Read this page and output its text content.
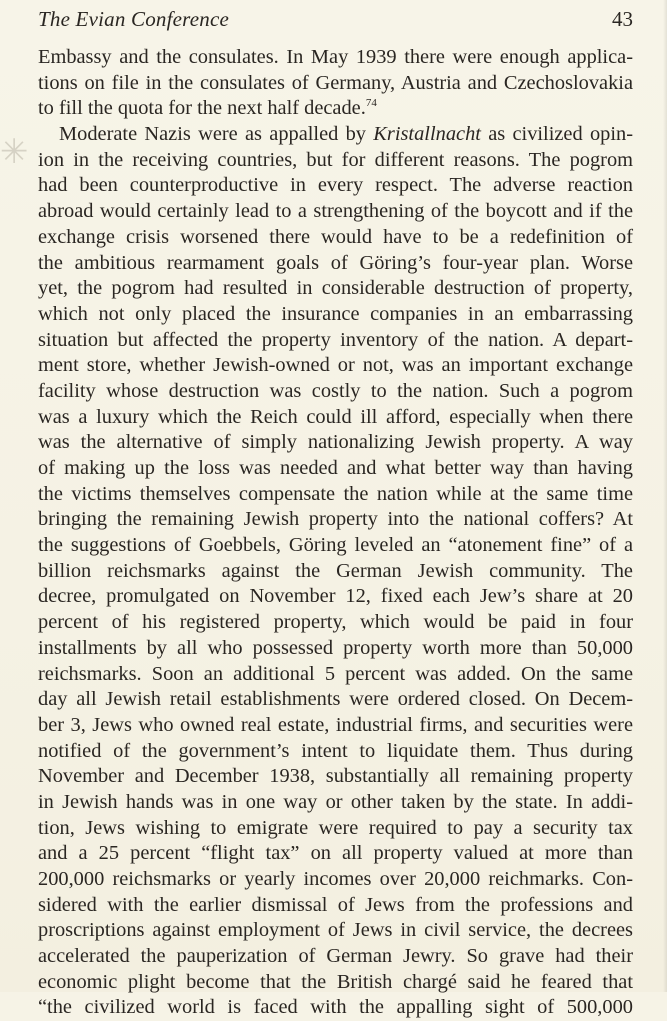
The Evian Conference	43
✳
Embassy and the consulates. In May 1939 there were enough applica-
tions on file in the consulates of Germany, Austria and Czechoslovakia
to fill the quota for the next half decade.$^{74}$
Moderate Nazis were as appalled by Kristallnacht as civilized opin-
ion in the receiving countries, but for different reasons. The pogrom
had been counterproductive in every respect. The adverse reaction
abroad would certainly lead to a strengthening of the boycott and if the
exchange crisis worsened there would have to be a redefinition of
the ambitious rearmament goals of Göring’s four-year plan. Worse
yet, the pogrom had resulted in considerable destruction of property,
which not only placed the insurance companies in an embarrassing
situation but affected the property inventory of the nation. A depart-
ment store, whether Jewish-owned or not, was an important exchange
facility whose destruction was costly to the nation. Such a pogrom
was a luxury which the Reich could ill afford, especially when there
was the alternative of simply nationalizing Jewish property. A way
of making up the loss was needed and what better way than having
the victims themselves compensate the nation while at the same time
bringing the remaining Jewish property into the national coffers? At
the suggestions of Goebbels, Göring leveled an “atonement fine” of a
billion reichsmarks against the German Jewish community. The
decree, promulgated on November 12, fixed each Jew’s share at 20
percent of his registered property, which would be paid in four
installments by all who possessed property worth more than 50,000
reichsmarks. Soon an additional 5 percent was added. On the same
day all Jewish retail establishments were ordered closed. On Decem-
ber 3, Jews who owned real estate, industrial firms, and securities were
notified of the government’s intent to liquidate them. Thus during
November and December 1938, substantially all remaining property
in Jewish hands was in one way or other taken by the state. In addi-
tion, Jews wishing to emigrate were required to pay a security tax
and a 25 percent “flight tax” on all property valued at more than
200,000 reichsmarks or yearly incomes over 20,000 reichmarks. Con-
sidered with the earlier dismissal of Jews from the professions and
proscriptions against employment of Jews in civil service, the decrees
accelerated the pauperization of German Jewry. So grave had their
economic plight become that the British chargé said he feared that
“the civilized world is faced with the appalling sight of 500,000
